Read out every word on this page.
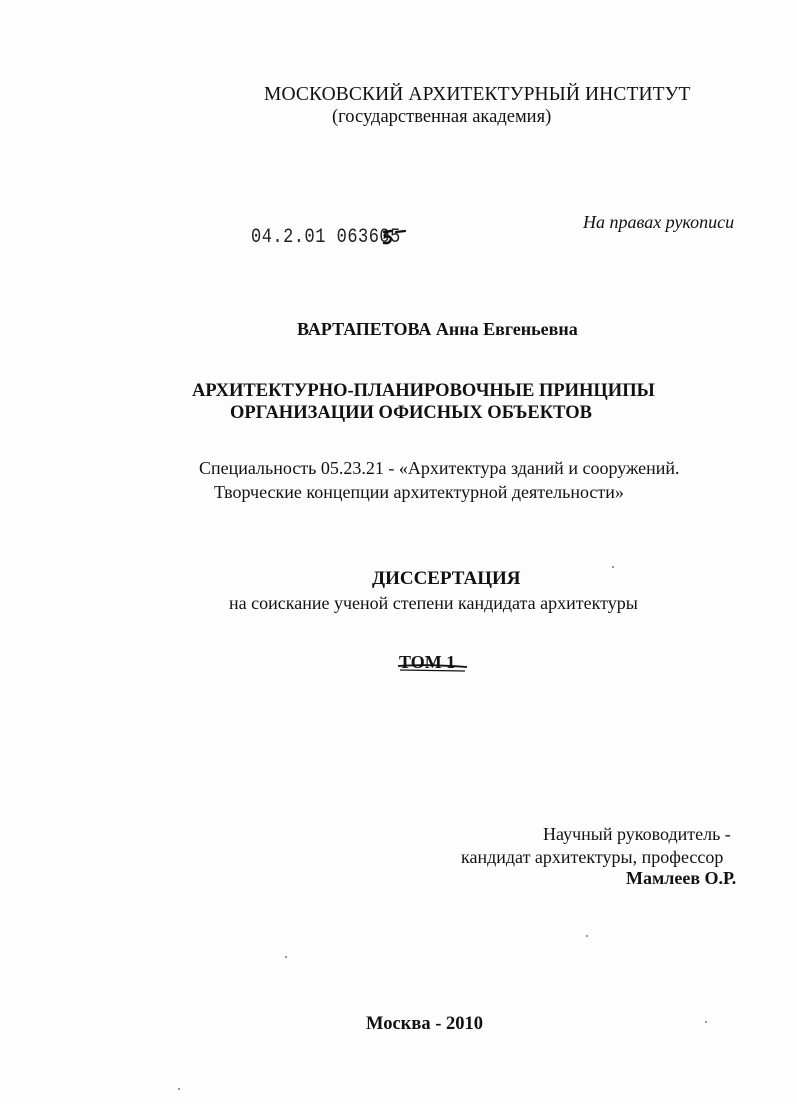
МОСКОВСКИЙ АРХИТЕКТУРНЫЙ ИНСТИТУТ
(государственная академия)
На правах рукописи
04.2.01 063605
ВАРТАПЕТОВА Анна Евгеньевна
АРХИТЕКТУРНО-ПЛАНИРОВОЧНЫЕ ПРИНЦИПЫ
ОРГАНИЗАЦИИ ОФИСНЫХ ОБЪЕКТОВ
Специальность 05.23.21 - «Архитектура зданий и сооружений.
Творческие концепции архитектурной деятельности»
ДИССЕРТАЦИЯ
на соискание ученой степени кандидата архитектуры
ТОМ 1
Научный руководитель -
кандидат архитектуры, профессор
Мамлеев О.Р.
Москва - 2010
